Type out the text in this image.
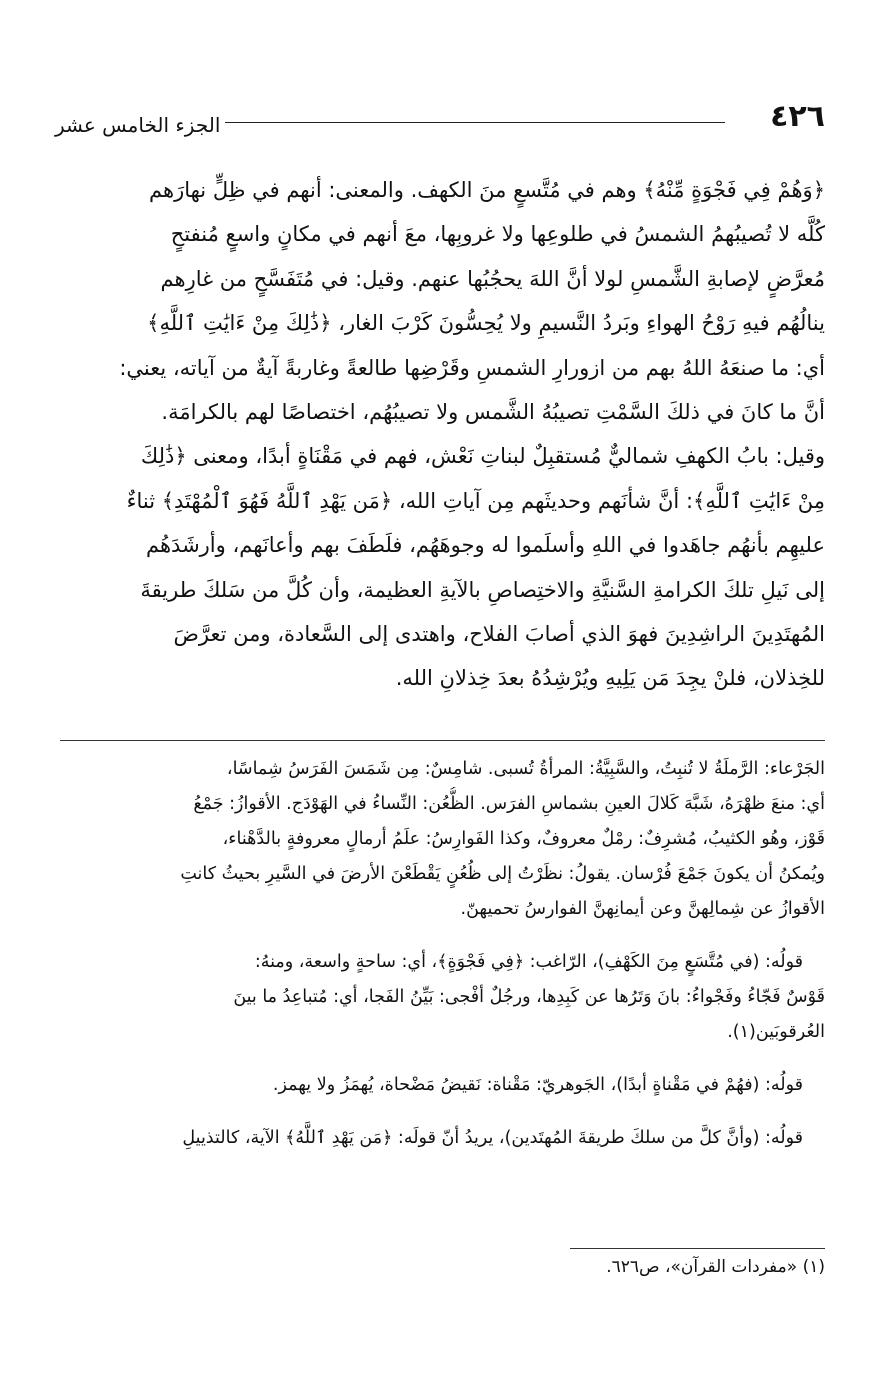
٤٢٦
الجزء الخامس عشر
﴿وَهُمْ فِي فَجْوَةٍ مِّنْهُ﴾ وهم في مُتَّسعٍ منَ الكهف. والمعنى: أنهم في ظِلٍّ نهارَهم
كُلَّه لا تُصيبُهمُ الشمسُ في طلوعِها ولا غروبِها، معَ أنهم في مكانٍ واسعٍ مُنفتحٍ
مُعرَّضٍ لإصابةِ الشَّمسِ لولا أنَّ اللهَ يحجُبُها عنهم. وقيل: في مُتَفَسَّحٍ من غارِهم
ينالُهُم فيهِ رَوْحُ الهواءِ وبَردُ النَّسيمِ ولا يُحِسُّونَ كَرْبَ الغار، ﴿ذَٰلِكَ مِنْ ءَايَٰتِ ٱللَّهِ﴾
أي: ما صنعَهُ اللهُ بهم من ازورارِ الشمسِ وقَرْضِها طالعةً وغاربةً آيةٌ من آياته، يعني:
أنَّ ما كانَ في ذلكَ السَّمْتِ تصيبُهُ الشَّمس ولا تصيبُهُم، اختصاصًا لهم بالكرامَة.
وقيل: بابُ الكهفِ شماليٌّ مُستقبِلٌ لبناتِ نَعْش، فهم في مَقْنَاةٍ أبدًا، ومعنى ﴿ذَٰلِكَ
مِنْ ءَايَٰتِ ٱللَّهِ﴾: أنَّ شأنَهم وحديثَهم مِن آياتِ الله، ﴿مَن يَهْدِ ٱللَّهُ فَهُوَ ٱلْمُهْتَدِ﴾ ثناءٌ
عليهِم بأنهُم جاهَدوا في اللهِ وأسلَموا له وجوهَهُم، فلَطَفَ بهم وأعانَهم، وأرشَدَهُم
إلى نَيلِ تلكَ الكرامةِ السَّنيَّةِ والاختِصاصِ بالآيةِ العظيمة، وأن كُلَّ من سَلكَ طريقةَ
المُهتَدِينَ الراشِدِينَ فهوَ الذي أصابَ الفلاح، واهتدى إلى السَّعادة، ومن تعرَّضَ
للخِذلان، فلنْ يجِدَ مَن يَلِيهِ ويُرْشِدُهُ بعدَ خِذلانِ الله.
الجَرْعاء: الرَّملَةُ لا تُنبِتُ، والسَّبِيَّةُ: المرأةُ تُسبى. شامِسٌ: مِن شَمَسَ الفَرَسُ شِماسًا،
أي: منعَ ظهْرَهُ، شَبَّهَ كَلالَ العينِ بشماسِ الفرَس. الظُّعُن: النِّساءُ في الهَوْدَج. الأقوازُ: جَمْعُ
قَوْز، وهُو الكثيبُ، مُشرِفٌ: رمْلٌ معروفٌ، وكذا الفَوارِسُ: علَمُ أرمالٍ معروفةٍ بالدَّهْناء،
ويُمكنُ أن يكونَ جَمْعَ فُرْسان. يقولُ: نظَرْتُ إلى ظُعُنٍ يَقْطَعْنَ الأرضَ في السَّيرِ بحيثُ كانتِ
الأقوازُ عن شِمالِهنَّ وعن أيمانِهنَّ الفوارسُ تحميهنّ.
قولُه: (في مُتَّسَعٍ مِنَ الكَهْفِ)، الرّاغب: ﴿فِي فَجْوَةٍ﴾، أي: ساحةٍ واسعة، ومنهُ:
قَوْسٌ فَجّاءُ وفَجْواءُ: بانَ وَتَرُها عن كَبِدِها، ورجُلٌ أفْجى: بَيِّنُ الفَجا، أي: مُتباعِدُ ما بينَ
العُرقوبَين(١).
قولُه: (فهُمْ في مَقْناةٍ أبدًا)، الجَوهريّ: مَقْناة: نَقيضُ مَضْحاة، يُهمَزُ ولا يهمز.
قولُه: (وأنَّ كلَّ من سلكَ طريقةَ المُهتَدين)، يريدُ أنّ قولَه: ﴿مَن يَهْدِ ٱللَّهُ﴾ الآية، كالتذييلِ
(١) «مفردات القرآن»، ص٦٢٦.
